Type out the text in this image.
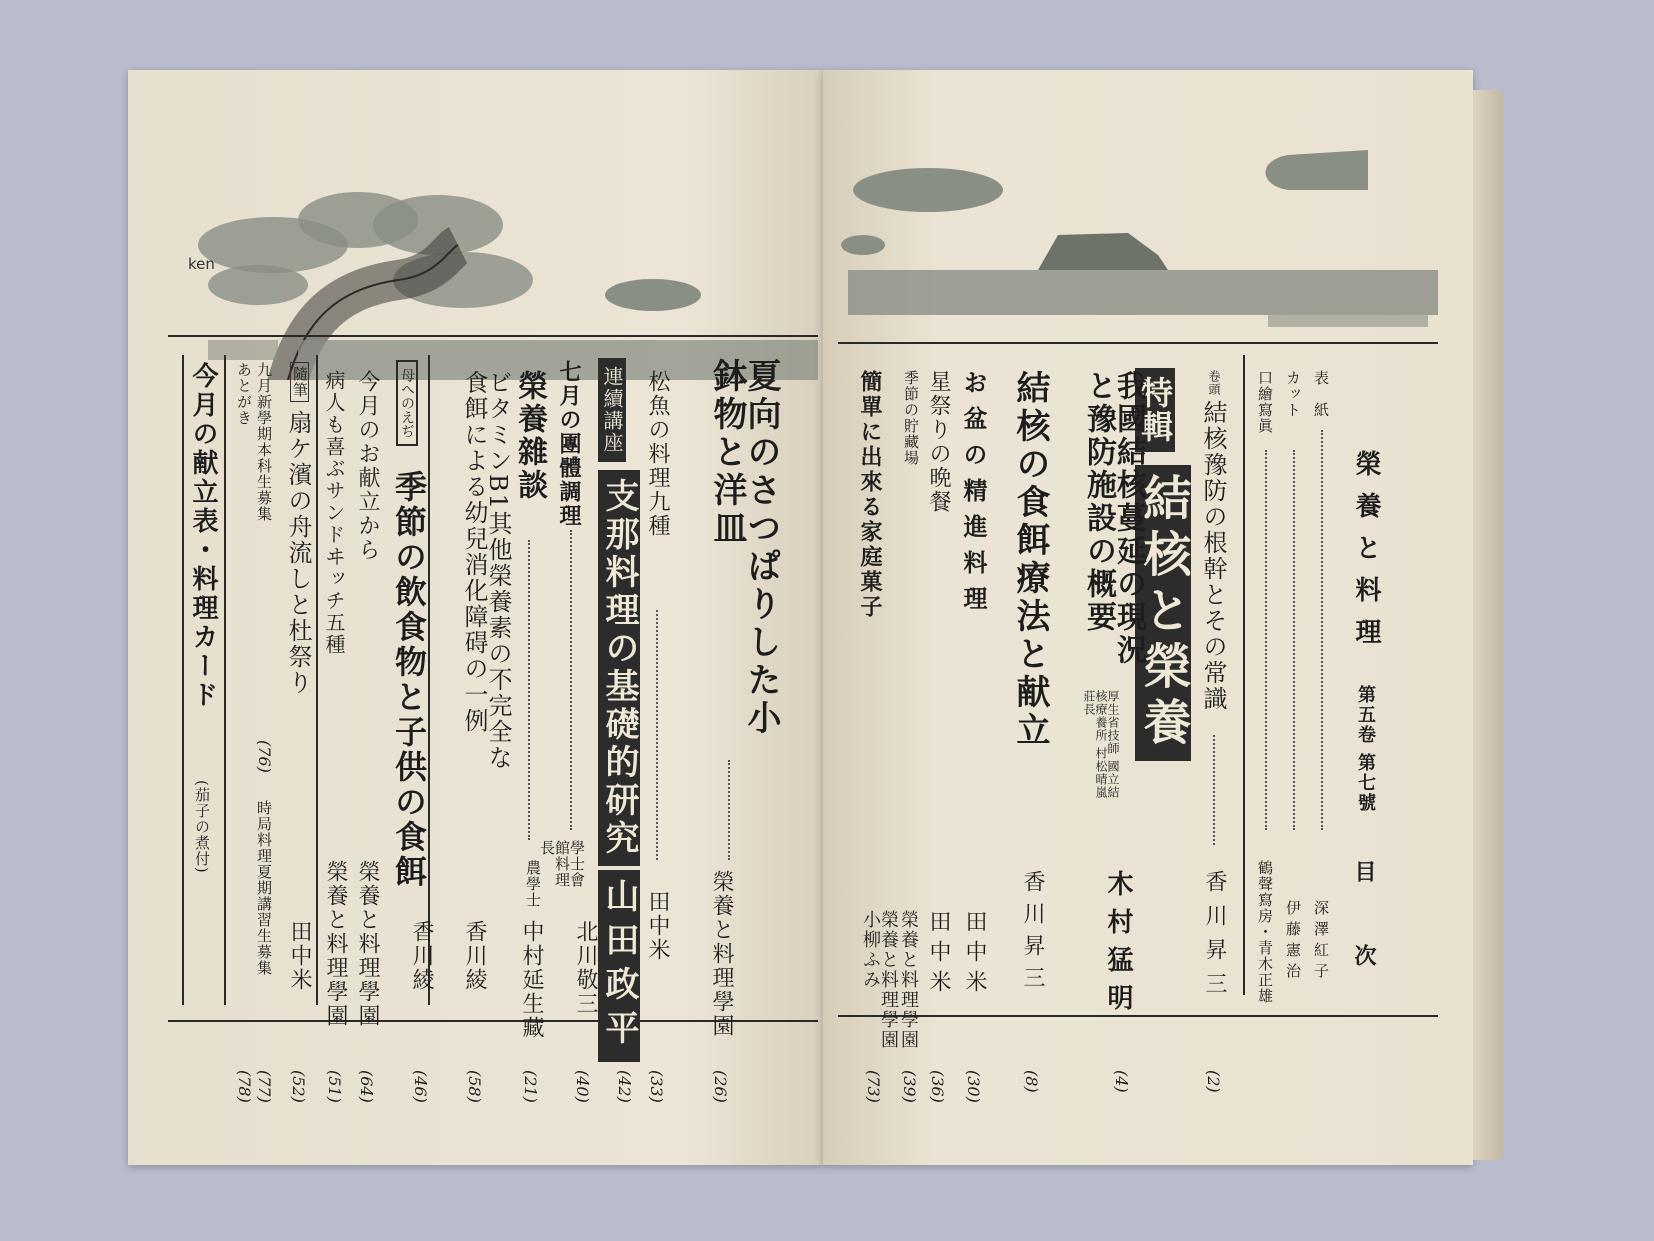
ken
夏向のさつぱりした小鉢物と洋皿
榮養と料理學園
(26)
松魚の料理九種
田中米
(33)
連續講座
支那料理の基礎的研究
山田政平
(42)
七月の團體調理
學士會館料理長
北川敬三
(40)
榮養雜談
農學士
中村延生藏
(21)
ビタミンB1其他榮養素の不完全な食餌による幼兒消化障碍の一例
香川綾
(58)
母へのえぢ
季節の飲食物と子供の食餌
香川綾
(46)
今月のお献立から
榮養と料理學園
(64)
病人も喜ぶサンドヰッチ五種
榮養と料理學園
(51)
隨筆
扇ケ濱の舟流しと杜祭り
田中米
(52)
九月新學期本科生募集
(76)
時局料理夏期講習生募集
(77)
あとがき
(78)
今月の献立表・料理カード
(茄子の煮付)
榮養と料理
第五卷 第七號
目　次
表　紙
深澤紅子
カット
伊藤憲治
口繪寫眞
鶴聲寫房・青木正雄
卷頭
結核豫防の根幹とその常識
香川昇三
(2)
特輯
結核と榮養
我國結核蔓延の現況と豫防施設の概要
厚生省技師 國立結核療養所 村松晴嵐莊長
木村猛明
(4)
結核の食餌療法と献立
香川昇三
(8)
お盆の精進料理
田中米
(30)
星祭りの晩餐
田中米
(36)
季節の貯藏場
榮養と料理學園
(39)
簡單に出來る家庭菓子
榮養と料理學園 小柳ふみ
(73)
